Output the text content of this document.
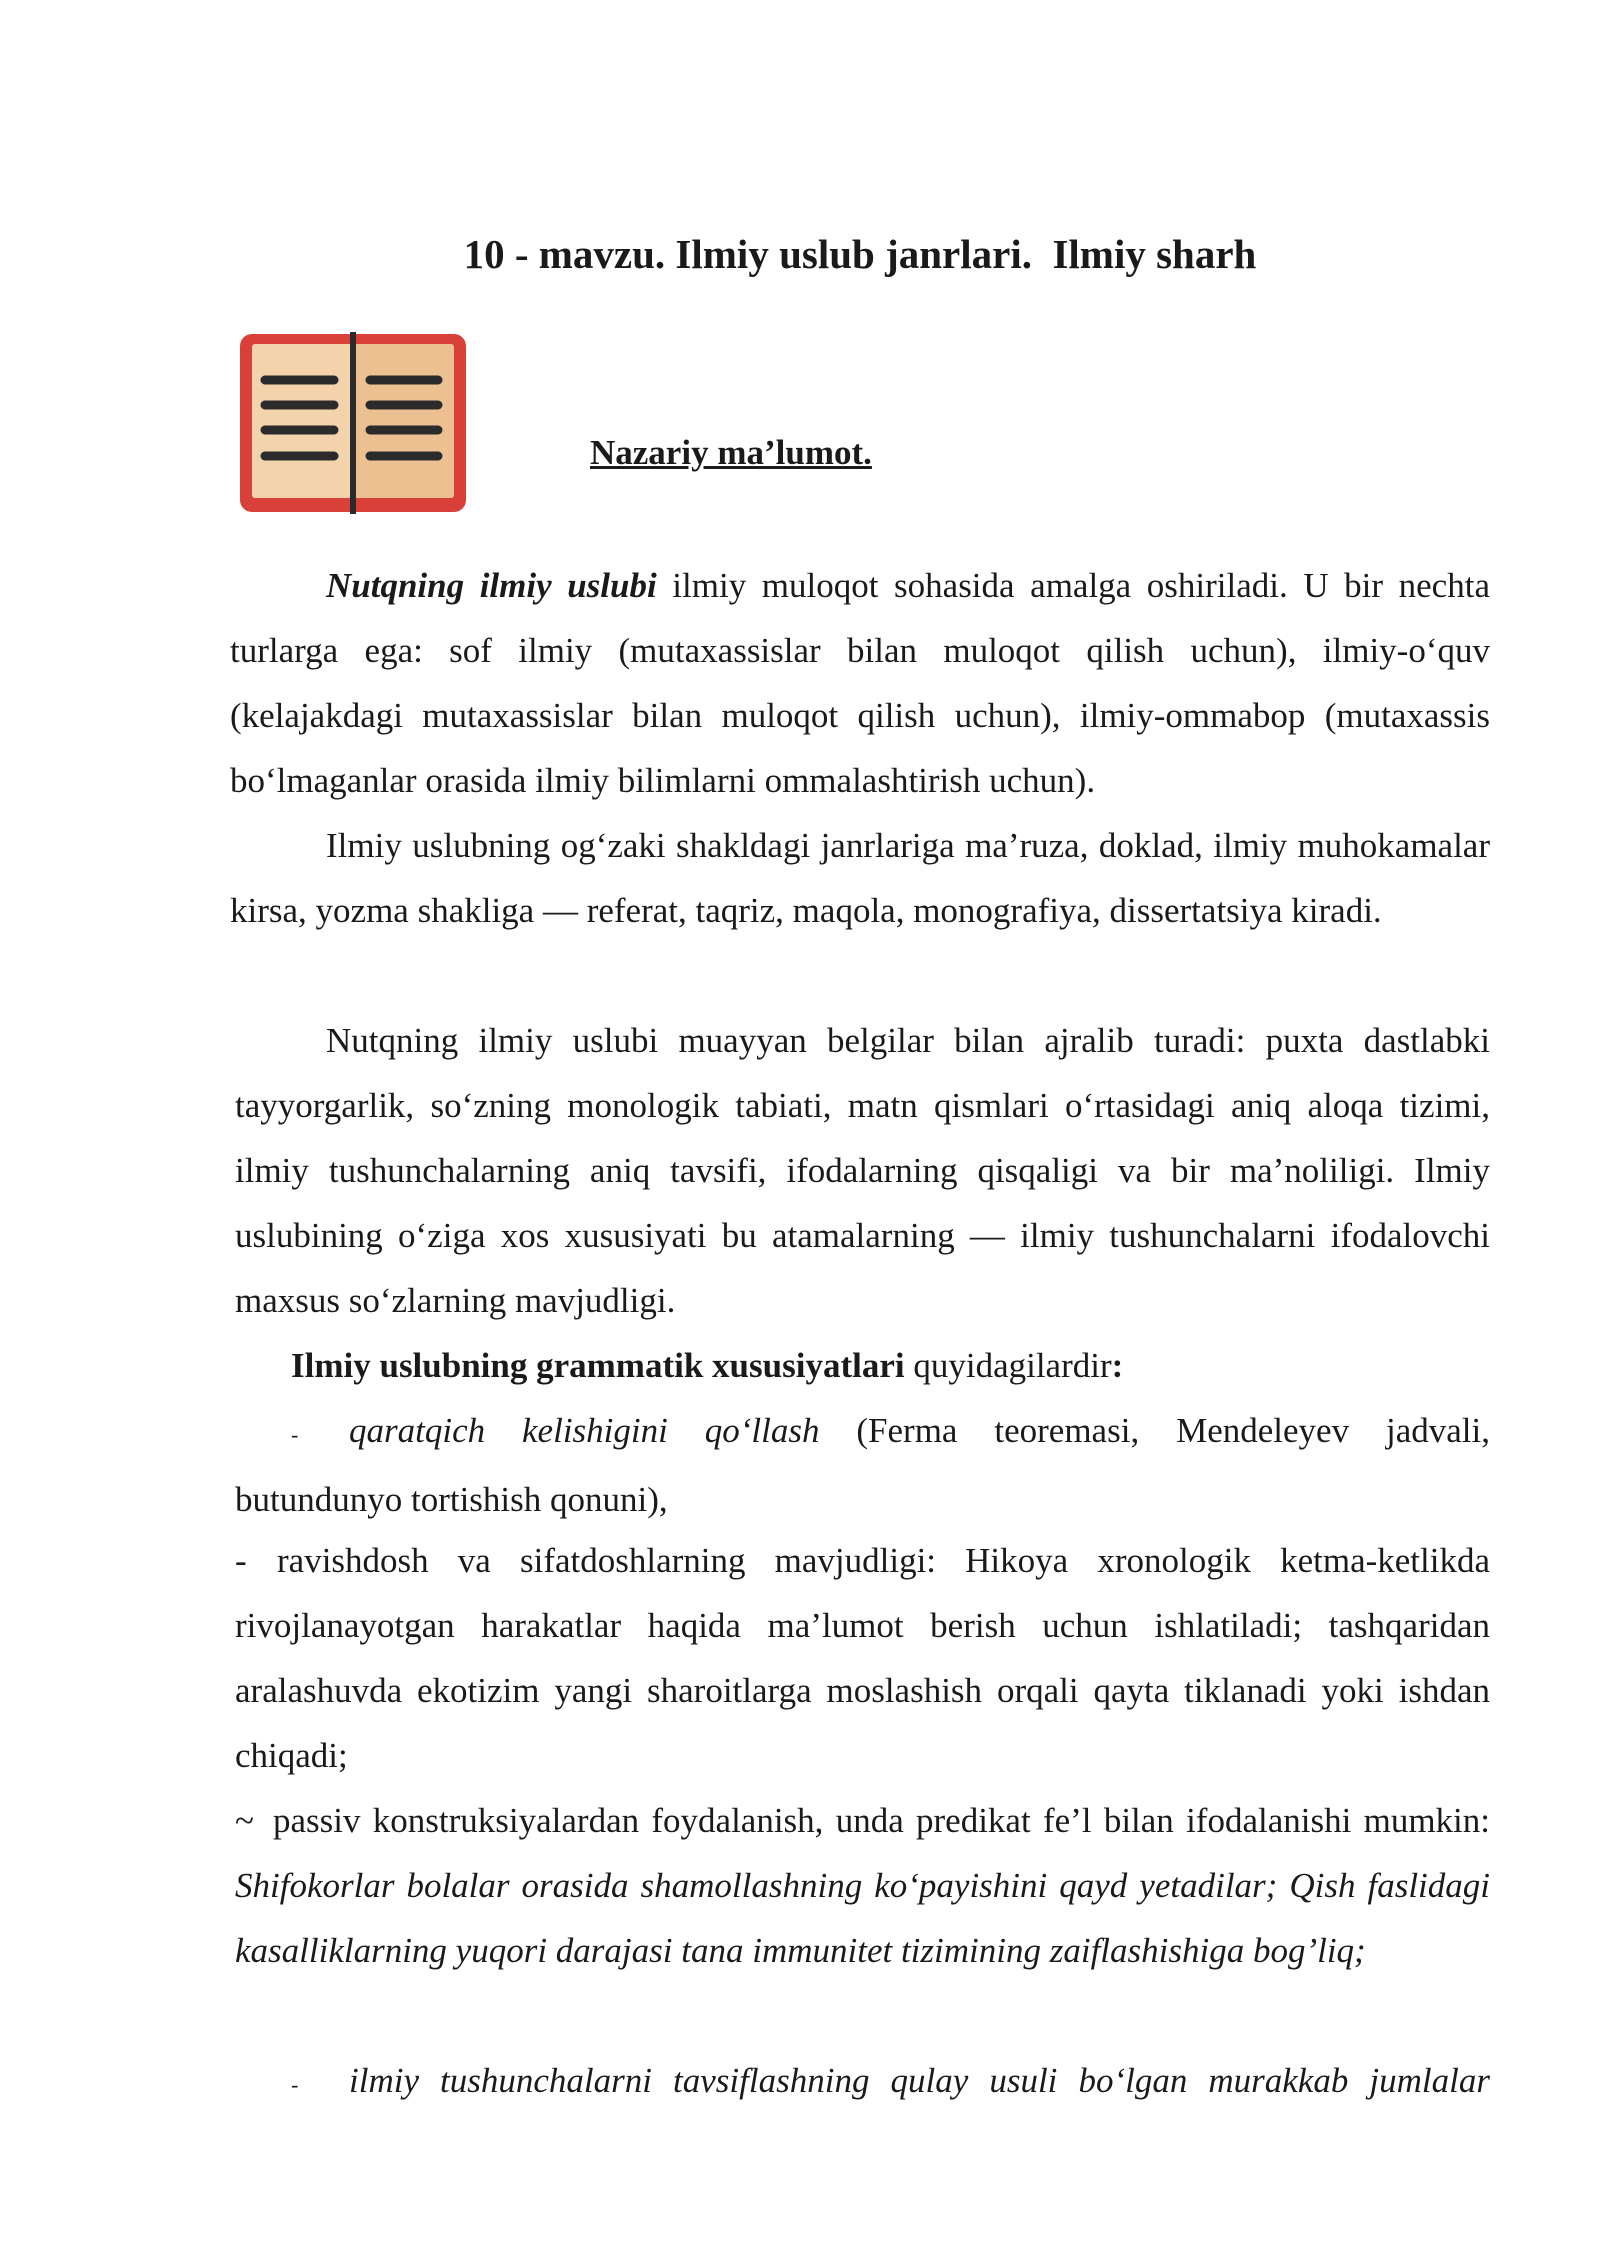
10 - mavzu. Ilmiy uslub janrlari.  Ilmiy sharh
Nazariy ma’lumot.

Nutqning ilmiy uslubi ilmiy muloqot sohasida amalga oshiriladi. U bir nechta turlarga ega: sof ilmiy (mutaxassislar bilan muloqot qilish uchun), ilmiy-o‘quv (kelajakdagi mutaxassislar bilan muloqot qilish uchun), ilmiy-ommabop (mutaxassis bo‘lmaganlar orasida ilmiy bilimlarni ommalashtirish uchun).

Ilmiy uslubning og‘zaki shakldagi janrlariga ma’ruza, doklad, ilmiy muhokamalar kirsa, yozma shakliga — referat, taqriz, maqola, monografiya, dissertatsiya kiradi.

Nutqning ilmiy uslubi muayyan belgilar bilan ajralib turadi: puxta dastlabki tayyorgarlik, so‘zning monologik tabiati, matn qismlari o‘rtasidagi aniq aloqa tizimi, ilmiy tushunchalarning aniq tavsifi, ifodalarning qisqaligi va bir ma’noliligi. Ilmiy uslubining o‘ziga xos xususiyati bu atamalarning — ilmiy tushunchalarni ifodalovchi maxsus so‘zlarning mavjudligi.

Ilmiy uslubning grammatik xususiyatlari quyidagilardir:

- qaratqich kelishigini qo‘llash (Ferma teoremasi, Mendeleyev jadvali, butundunyo tortishish qonuni),

- ravishdosh va sifatdoshlarning mavjudligi: Hikoya xronologik ketma-ketlikda rivojlanayotgan harakatlar haqida ma’lumot berish uchun ishlatiladi; tashqaridan aralashuvda ekotizim yangi sharoitlarga moslashish orqali qayta tiklanadi yoki ishdan chiqadi;

~ passiv konstruksiyalardan foydalanish, unda predikat fe’l bilan ifodalanishi mumkin: Shifokorlar bolalar orasida shamollashning ko‘payishini qayd yetadilar; Qish faslidagi kasalliklarning yuqori darajasi tana immunitet tizimining zaiflashishiga bog’liq;

- ilmiy tushunchalarni tavsiflashning qulay usuli bo‘lgan murakkab jumlalar
